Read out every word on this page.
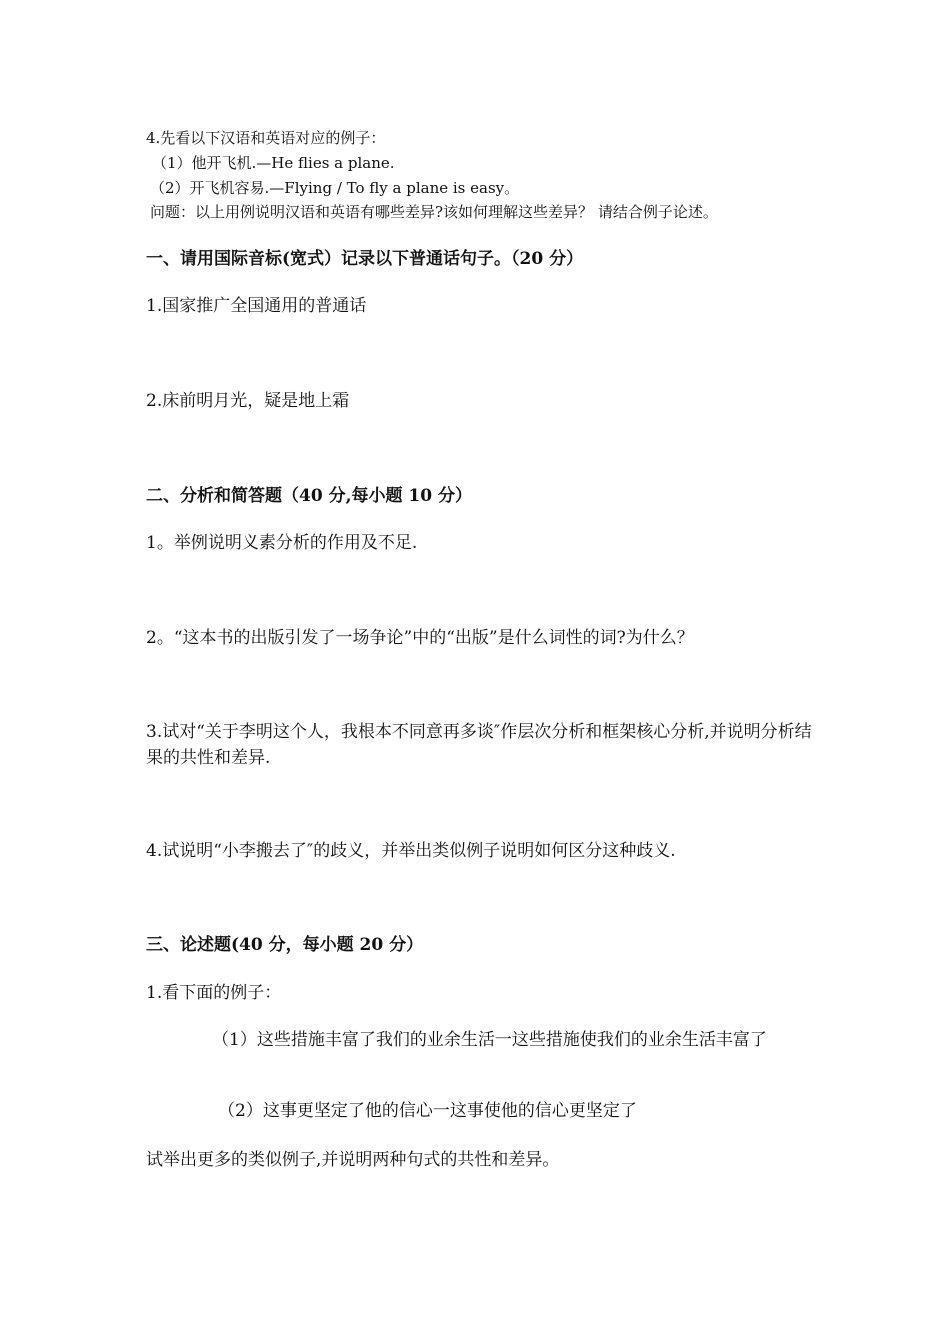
4.先看以下汉语和英语对应的例子：
（1）他开飞机.—He flies a plane.
（2）开飞机容易.—Flying / To fly a plane is easy。
问题：以上用例说明汉语和英语有哪些差异?该如何理解这些差异？ 请结合例子论述。
一、请用国际音标(宽式）记录以下普通话句子。（20 分）
1.国家推广全国通用的普通话
2.床前明月光，疑是地上霜
二、分析和简答题（40 分,每小题 10 分）
1。举例说明义素分析的作用及不足.
2。“这本书的出版引发了一场争论”中的“出版”是什么词性的词?为什么？
3.试对“关于李明这个人，我根本不同意再多谈″作层次分析和框架核心分析,并说明分析结果的共性和差异.
4.试说明“小李搬去了″的歧义，并举出类似例子说明如何区分这种歧义.
三、论述题(40 分，每小题 20 分）
1.看下面的例子：
（1）这些措施丰富了我们的业余生活一这些措施使我们的业余生活丰富了
（2）这事更坚定了他的信心一这事使他的信心更坚定了
试举出更多的类似例子,并说明两种句式的共性和差异。
